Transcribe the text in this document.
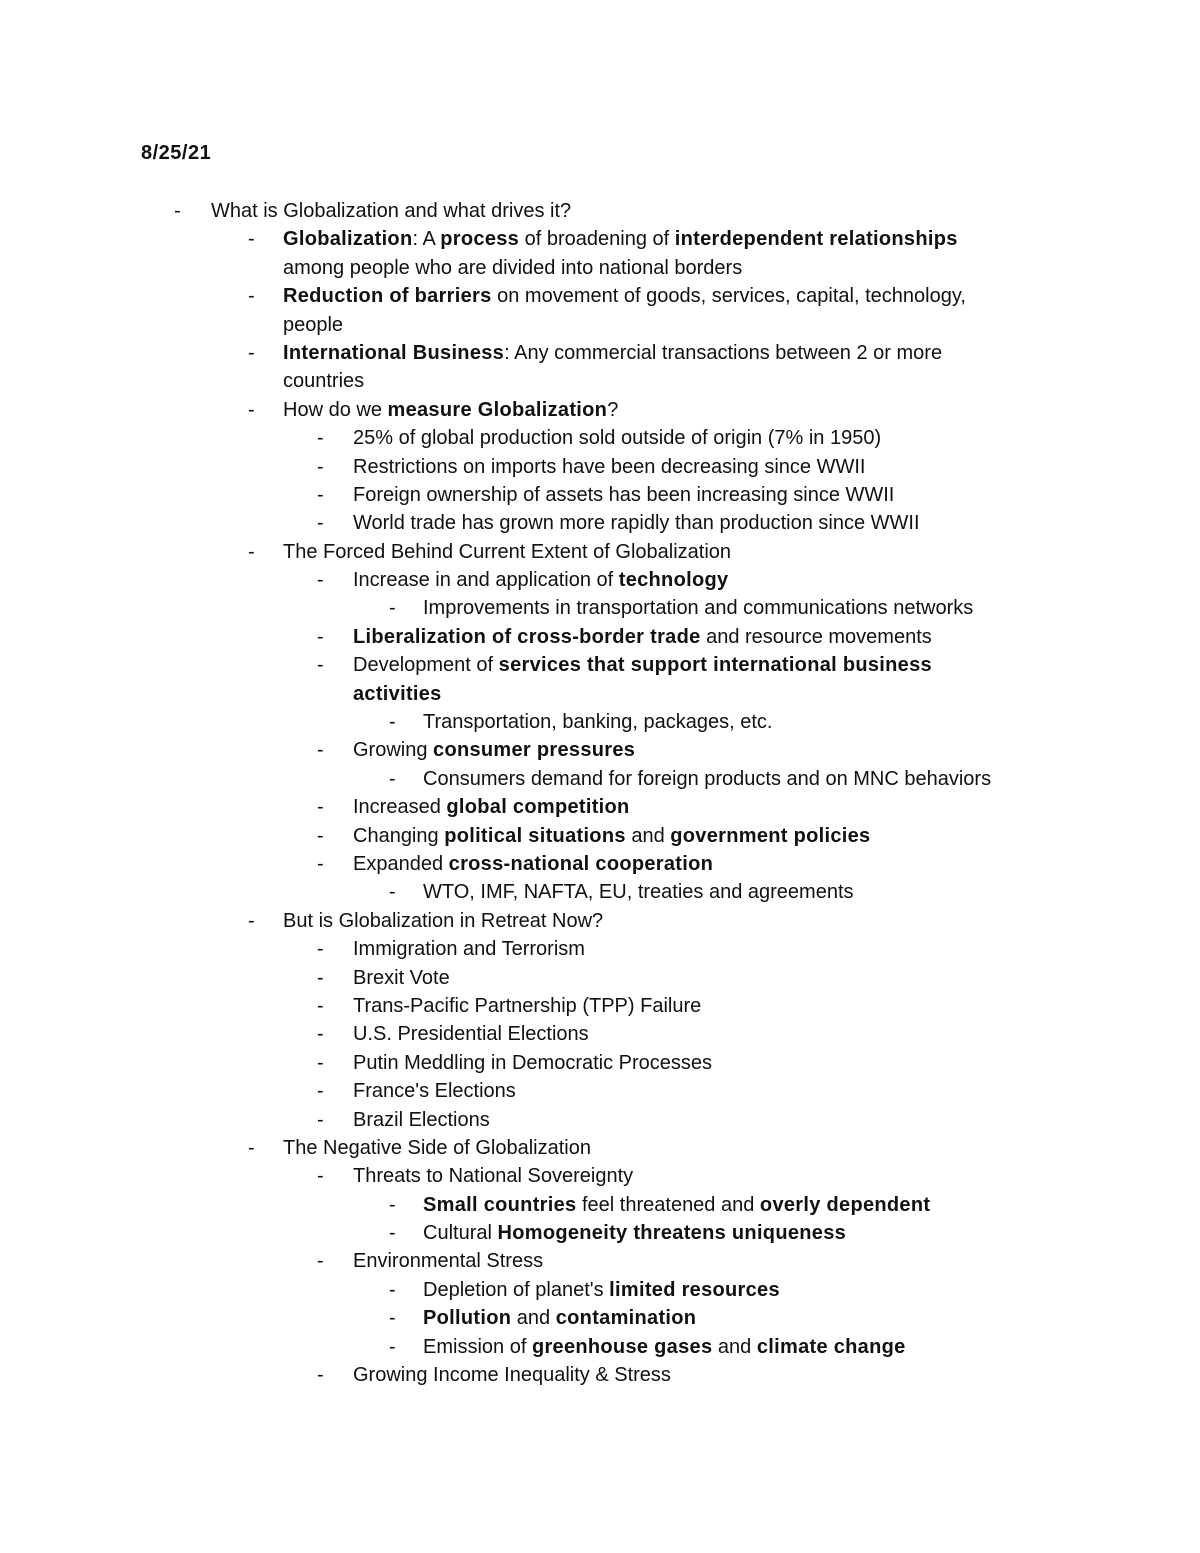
8/25/21
- What is Globalization and what drives it?
- Globalization: A process of broadening of interdependent relationships
among people who are divided into national borders
- Reduction of barriers on movement of goods, services, capital, technology,
people
- International Business: Any commercial transactions between 2 or more
countries
- How do we measure Globalization?
- 25% of global production sold outside of origin (7% in 1950)
- Restrictions on imports have been decreasing since WWII
- Foreign ownership of assets has been increasing since WWII
- World trade has grown more rapidly than production since WWII
- The Forced Behind Current Extent of Globalization
- Increase in and application of technology
- Improvements in transportation and communications networks
- Liberalization of cross-border trade and resource movements
- Development of services that support international business
activities
- Transportation, banking, packages, etc.
- Growing consumer pressures
- Consumers demand for foreign products and on MNC behaviors
- Increased global competition
- Changing political situations and government policies
- Expanded cross-national cooperation
- WTO, IMF, NAFTA, EU, treaties and agreements
- But is Globalization in Retreat Now?
- Immigration and Terrorism
- Brexit Vote
- Trans-Pacific Partnership (TPP) Failure
- U.S. Presidential Elections
- Putin Meddling in Democratic Processes
- France's Elections
- Brazil Elections
- The Negative Side of Globalization
- Threats to National Sovereignty
- Small countries feel threatened and overly dependent
- Cultural Homogeneity threatens uniqueness
- Environmental Stress
- Depletion of planet's limited resources
- Pollution and contamination
- Emission of greenhouse gases and climate change
- Growing Income Inequality & Stress
